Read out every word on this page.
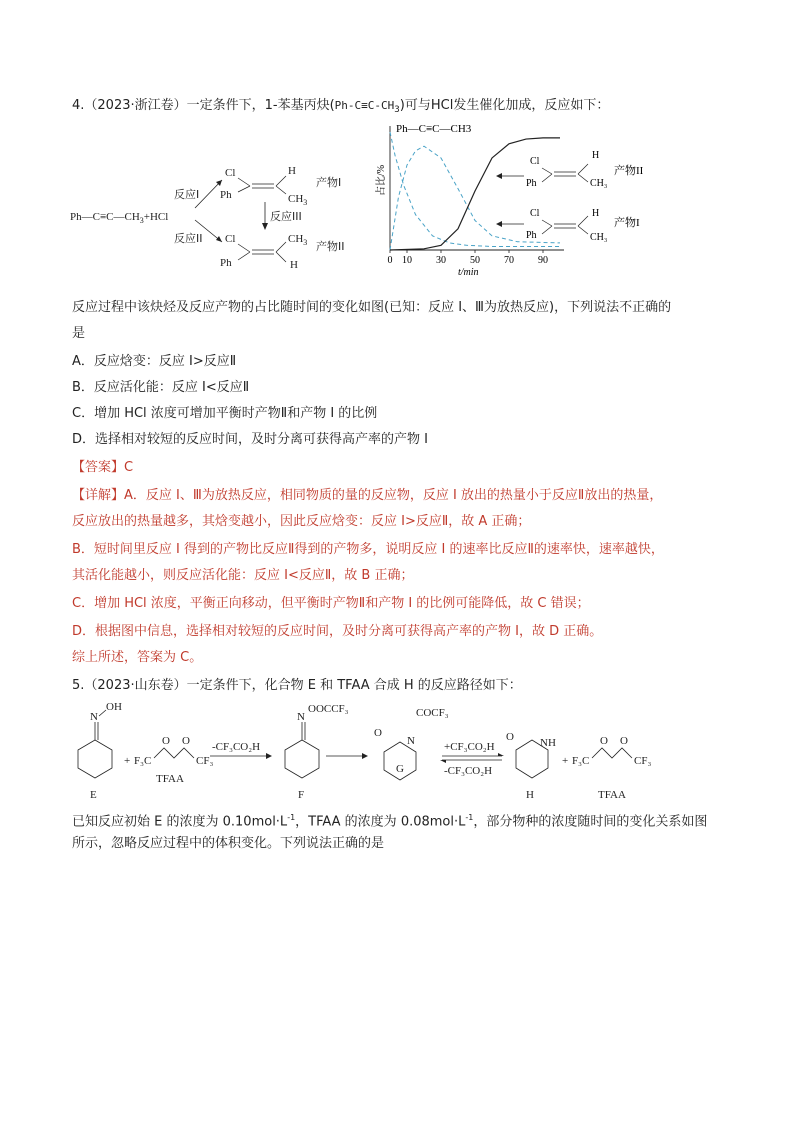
4.（2023·浙江卷）一定条件下，1-苯基丙炔$(Ph-C\equiv C-CH_3)$可与HCl发生催化加成，反应如下：
$Ph—C\equiv C—CH_3+HCl$
反应I
反应II
Cl
Ph
H
$CH_3$
产物I
反应III
Cl
Ph
$CH_3$
H
产物II
占比/%
0 10 30 50 70 90
t/min
Ph—C≡C—CH3
Cl
Ph
H
CH₃
产物II
Cl
Ph
H
CH₃
产物I
反应过程中该炔烃及反应产物的占比随时间的变化如图(已知：反应 I、Ⅲ为放热反应)，下列说法不正确的
是
A．反应焓变：反应 I>反应Ⅱ
B．反应活化能：反应 I<反应Ⅱ
C．增加 HCl 浓度可增加平衡时产物Ⅱ和产物 I 的比例
D．选择相对较短的反应时间，及时分离可获得高产率的产物 I
【答案】C
【详解】A．反应 I、Ⅲ为放热反应，相同物质的量的反应物，反应 I 放出的热量小于反应Ⅱ放出的热量，
反应放出的热量越多，其焓变越小，因此反应焓变：反应 I>反应Ⅱ，故 A 正确；
B．短时间里反应 I 得到的产物比反应Ⅱ得到的产物多，说明反应 I 的速率比反应Ⅱ的速率快，速率越快，
其活化能越小，则反应活化能：反应 I<反应Ⅱ，故 B 正确；
C．增加 HCl 浓度，平衡正向移动，但平衡时产物Ⅱ和产物 I 的比例可能降低，故 C 错误；
D．根据图中信息，选择相对较短的反应时间，及时分离可获得高产率的产物 I，故 D 正确。
综上所述，答案为 C。
5.（2023·山东卷）一定条件下，化合物 E 和 TFAA 合成 H 的反应路径如下：
N
OH
E
+ F₃C
O O
CF₃
TFAA
-CF₃CO₂H
N
OOCCF₃
F
O
N
COCF₃
G
+CF₃CO₂H
-CF₃CO₂H
O NH
H
+ F₃C
O O
CF₃
TFAA
已知反应初始 E 的浓度为 $0.10mol\cdot L^{-1}$，TFAA 的浓度为 $0.08mol\cdot L^{-1}$，部分物种的浓度随时间的变化关系如图
所示，忽略反应过程中的体积变化。下列说法正确的是
